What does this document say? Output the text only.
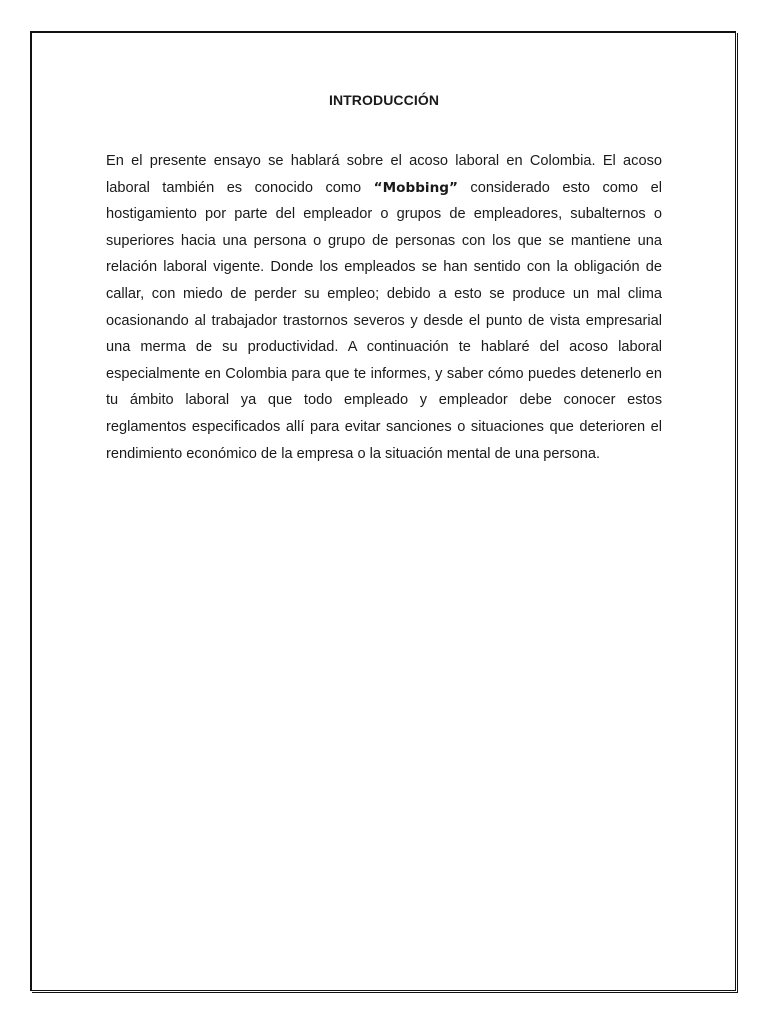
INTRODUCCIÓN

En el presente ensayo se hablará sobre el acoso laboral en Colombia. El acoso laboral también es conocido como “Mobbing” considerado esto como el hostigamiento por parte del empleador o grupos de empleadores, subalternos o superiores hacia una persona o grupo de personas con los que se mantiene una relación laboral vigente. Donde los empleados se han sentido con la obligación de callar, con miedo de perder su empleo; debido a esto se produce un mal clima ocasionando al trabajador trastornos severos y desde el punto de vista empresarial una merma de su productividad. A continuación te hablaré del acoso laboral especialmente en Colombia para que te informes, y saber cómo puedes detenerlo en tu ámbito laboral ya que todo empleado y empleador debe conocer estos reglamentos especificados allí para evitar sanciones o situaciones que deterioren el rendimiento económico de la empresa o la situación mental de una persona.
